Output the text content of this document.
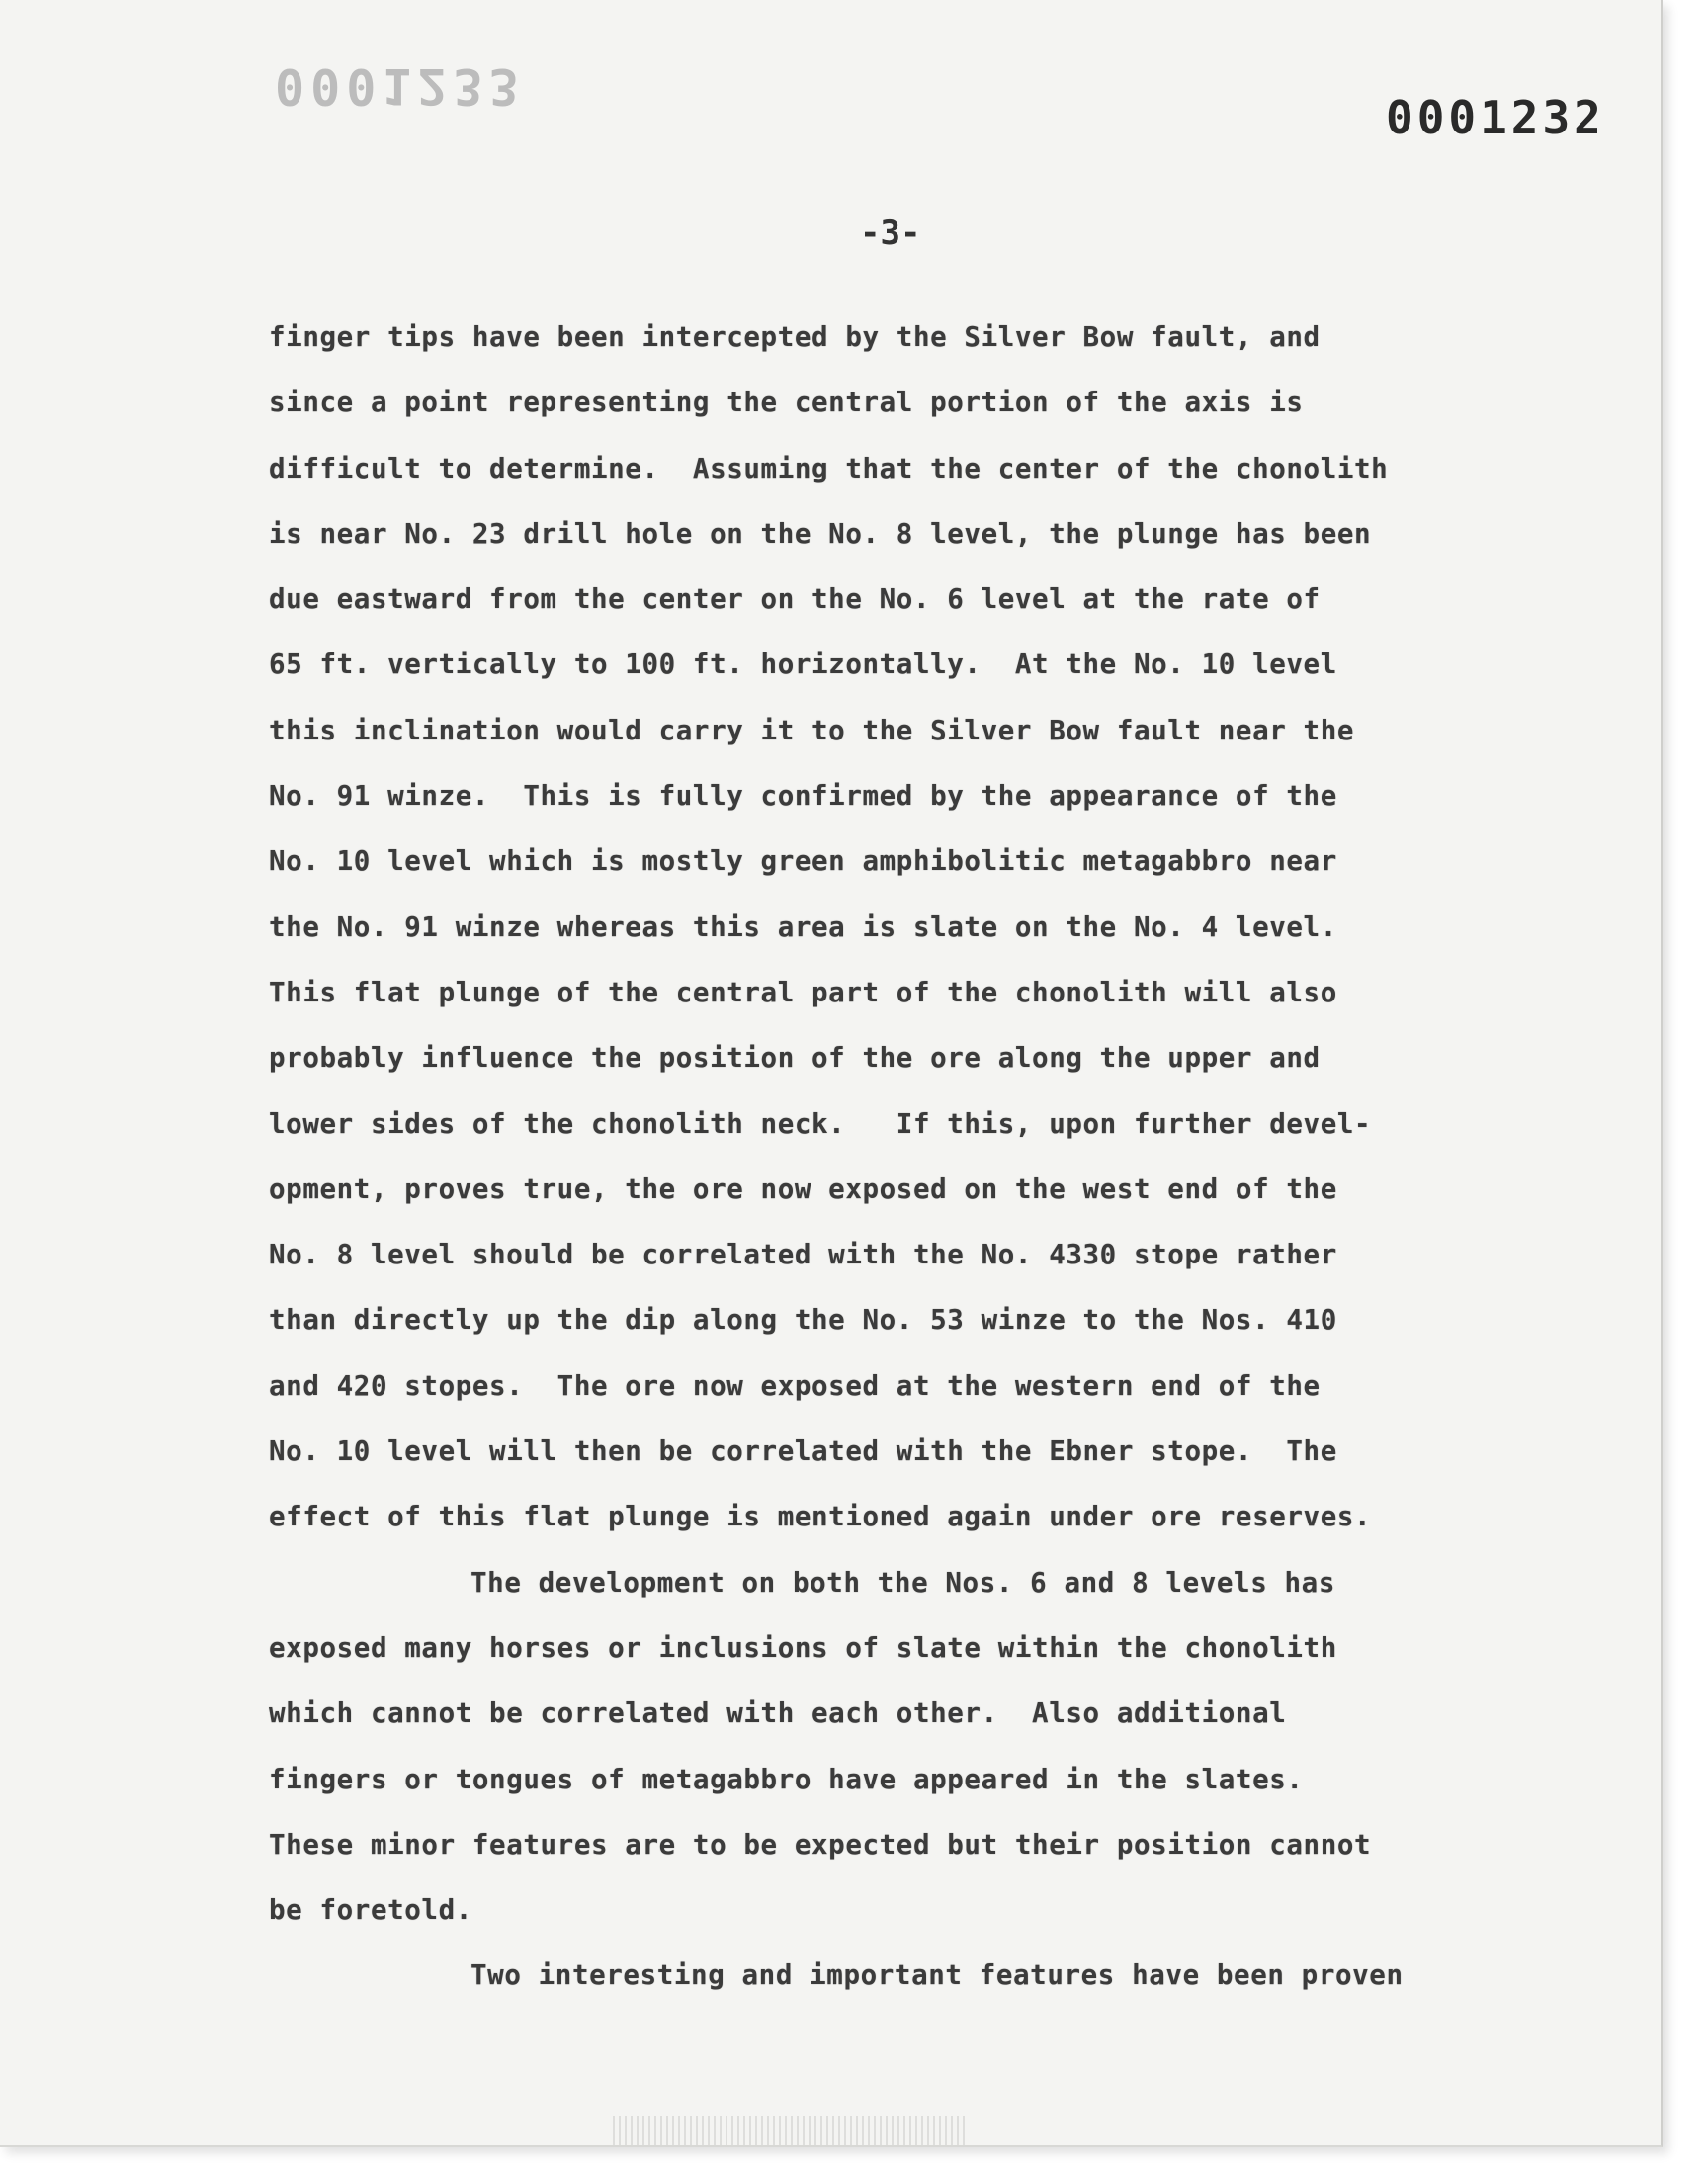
0001233
0001232
-3-
finger tips have been intercepted by the Silver Bow fault, and
since a point representing the central portion of the axis is
difficult to determine.  Assuming that the center of the chonolith
is near No. 23 drill hole on the No. 8 level, the plunge has been
due eastward from the center on the No. 6 level at the rate of
65 ft. vertically to 100 ft. horizontally.  At the No. 10 level
this inclination would carry it to the Silver Bow fault near the
No. 91 winze.  This is fully confirmed by the appearance of the
No. 10 level which is mostly green amphibolitic metagabbro near
the No. 91 winze whereas this area is slate on the No. 4 level.
This flat plunge of the central part of the chonolith will also
probably influence the position of the ore along the upper and
lower sides of the chonolith neck.   If this, upon further devel-
opment, proves true, the ore now exposed on the west end of the
No. 8 level should be correlated with the No. 4330 stope rather
than directly up the dip along the No. 53 winze to the Nos. 410
and 420 stopes.  The ore now exposed at the western end of the
No. 10 level will then be correlated with the Ebner stope.  The
effect of this flat plunge is mentioned again under ore reserves.
The development on both the Nos. 6 and 8 levels has
exposed many horses or inclusions of slate within the chonolith
which cannot be correlated with each other.  Also additional
fingers or tongues of metagabbro have appeared in the slates.
These minor features are to be expected but their position cannot
be foretold.
Two interesting and important features have been proven
